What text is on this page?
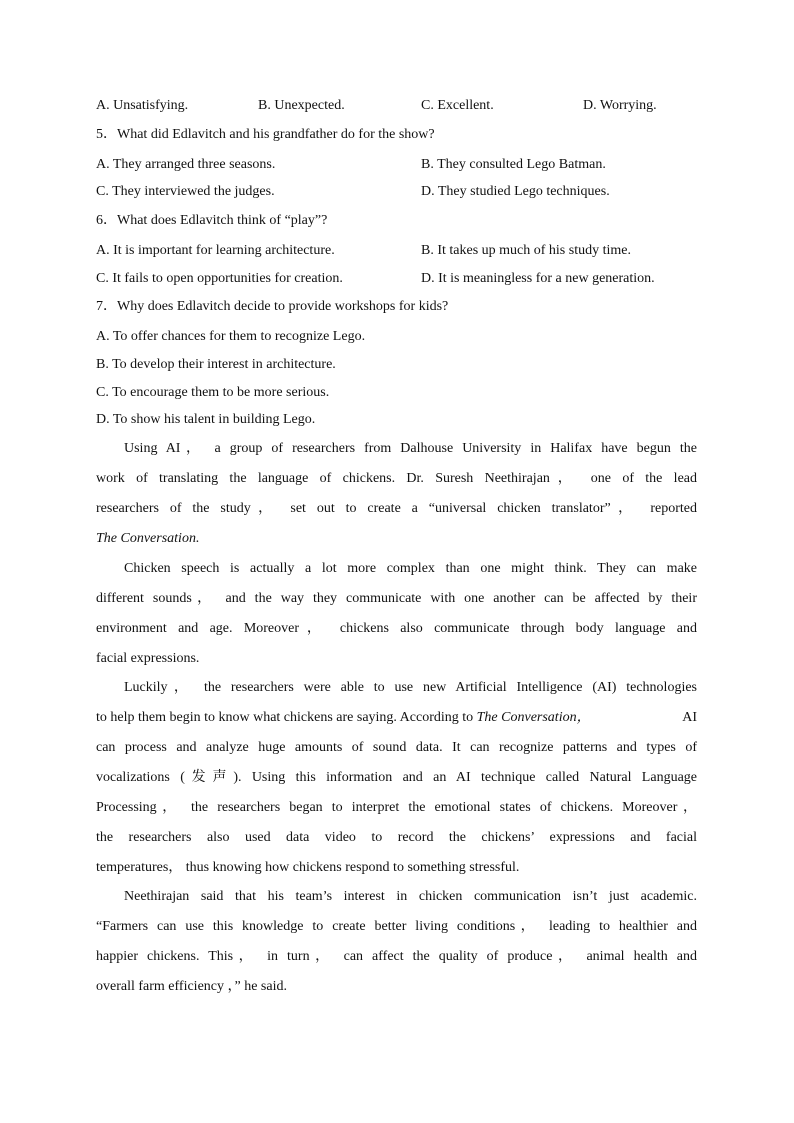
A. Unsatisfying.	B. Unexpected.	C. Excellent.	D. Worrying.
5．What did Edlavitch and his grandfather do for the show?
A. They arranged three seasons.	B. They consulted Lego Batman.
C. They interviewed the judges.	D. They studied Lego techniques.
6．What does Edlavitch think of “play”?
A. It is important for learning architecture.	B. It takes up much of his study time.
C. It fails to open opportunities for creation.	D. It is meaningless for a new generation.
7．Why does Edlavitch decide to provide workshops for kids?
A. To offer chances for them to recognize Lego.
B. To develop their interest in architecture.
C. To encourage them to be more serious.
D. To show his talent in building Lego.
Using AI， a group of researchers from Dalhouse University in Halifax have begun the
work of translating the language of chickens. Dr. Suresh Neethirajan， one of the lead
researchers of the study， set out to create a “universal chicken translator”， reported
The Conversation.
Chicken speech is actually a lot more complex than one might think. They can make
different sounds， and the way they communicate with one another can be affected by their
environment and age. Moreover， chickens also communicate through body language and
facial expressions.
Luckily， the researchers were able to use new Artificial Intelligence (AI) technologies
to help them begin to know what chickens are saying. According to The Conversation，	AI
can process and analyze huge amounts of sound data. It can recognize patterns and types of
vocalizations (发声). Using this information and an AI technique called Natural Language
Processing， the researchers began to interpret the emotional states of chickens. Moreover，
the researchers also used data video to record the chickens’ expressions and facial
temperatures， thus knowing how chickens respond to something stressful.
Neethirajan said that his team’s interest in chicken communication isn’t just academic.
“Farmers can use this knowledge to create better living conditions， leading to healthier and
happier chickens. This， in turn， can affect the quality of produce， animal health and
overall farm efficiency ，” he said.
